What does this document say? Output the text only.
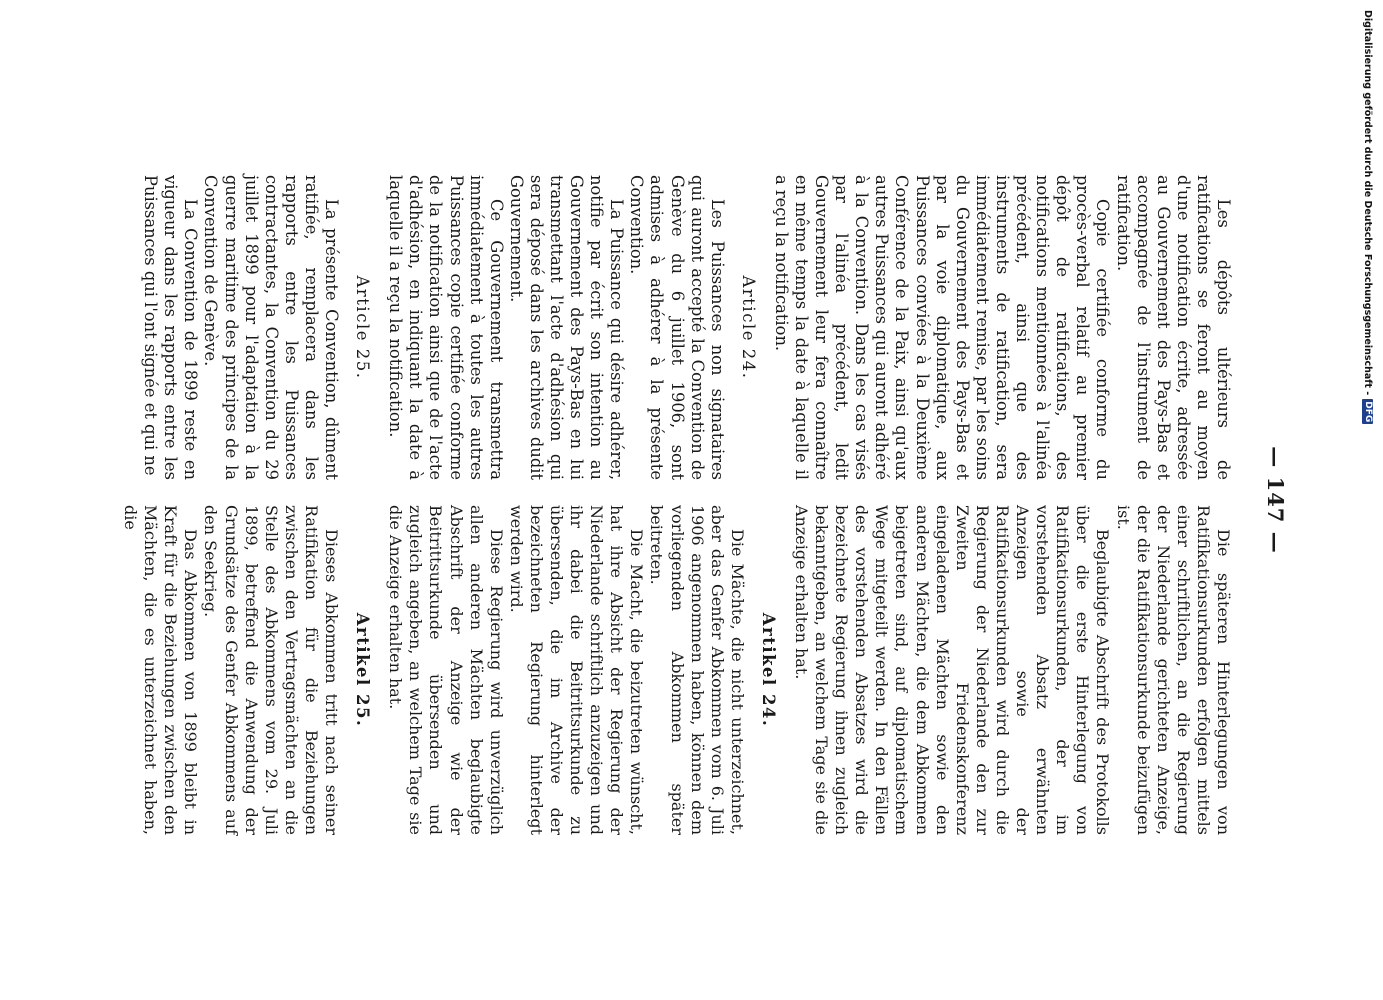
— 147 —

Les dépôts ultérieurs de ratifications se feront au moyen d'une notification écrite, adressée au Gouvernement des Pays-Bas et accompagnée de l'instrument de ratification.

Copie certifiée conforme du procès-verbal relatif au premier dépôt de ratifications, des notifications mentionnées à l'alinéa précédent, ainsi que des instruments de ratification, sera immédiatement remise, par les soins du Gouvernement des Pays-Bas et par la voie diplomatique, aux Puissances conviées à la Deuxième Conférence de la Paix, ainsi qu'aux autres Puissances qui auront adhéré à la Convention. Dans les cas visés par l'alinéa précédent, ledit Gouvernement leur fera connaître en même temps la date à laquelle il a reçu la notification.

Article 24.

Les Puissances non signataires qui auront accepté la Convention de Genève du 6 juillet 1906, sont admises à adhérer à la présente Convention.

La Puissance qui désire adhérer, notifie par écrit son intention au Gouvernement des Pays-Bas en lui transmettant l'acte d'adhésion qui sera déposé dans les archives dudit Gouvernement.

Ce Gouvernement transmettra immédiatement à toutes les autres Puissances copie certifiée conforme de la notification ainsi que de l'acte d'adhésion, en indiquant la date à laquelle il a reçu la notification.

Article 25.

La présente Convention, dûment ratifiée, remplacera dans les rapports entre les Puissances contractantes, la Convention du 29 juillet 1899 pour l'adaptation à la guerre maritime des principes de la Convention de Genève.

La Convention de 1899 reste en vigueur dans les rapports entre les Puissances qui l'ont signée et qui ne

Die späteren Hinterlegungen von Ratifikationsurkunden erfolgen mittels einer schriftlichen, an die Regierung der Niederlande gerichteten Anzeige, der die Ratifikationsurkunde beizufügen ist.

Beglaubigte Abschrift des Protokolls über die erste Hinterlegung von Ratifikationsurkunden, der im vorstehenden Absatz erwähnten Anzeigen sowie der Ratifikationsurkunden wird durch die Regierung der Niederlande den zur Zweiten Friedenskonferenz eingeladenen Mächten sowie den anderen Mächten, die dem Abkommen beigetreten sind, auf diplomatischem Wege mitgeteilt werden. In den Fällen des vorstehenden Absatzes wird die bezeichnete Regierung ihnen zugleich bekanntgeben, an welchem Tage sie die Anzeige erhalten hat.

Artikel 24.

Die Mächte, die nicht unterzeichnet, aber das Genfer Abkommen vom 6. Juli 1906 angenommen haben, können dem vorliegenden Abkommen später beitreten.

Die Macht, die beizutreten wünscht, hat ihre Absicht der Regierung der Niederlande schriftlich anzuzeigen und ihr dabei die Beitrittsurkunde zu übersenden, die im Archive der bezeichneten Regierung hinterlegt werden wird.

Diese Regierung wird unverzüglich allen anderen Mächten beglaubigte Abschrift der Anzeige wie der Beitrittsurkunde übersenden und zugleich angeben, an welchem Tage sie die Anzeige erhalten hat.

Artikel 25.

Dieses Abkommen tritt nach seiner Ratifikation für die Beziehungen zwischen den Vertragsmächten an die Stelle des Abkommens vom 29. Juli 1899, betreffend die Anwendung der Grundsätze des Genfer Abkommens auf den Seekrieg.

Das Abkommen von 1899 bleibt in Kraft für die Beziehungen zwischen den Mächten, die es unterzeichnet haben, die

Digitalisierung gefördert durch die Deutsche Forschungsgemeinschaft -
DFG
